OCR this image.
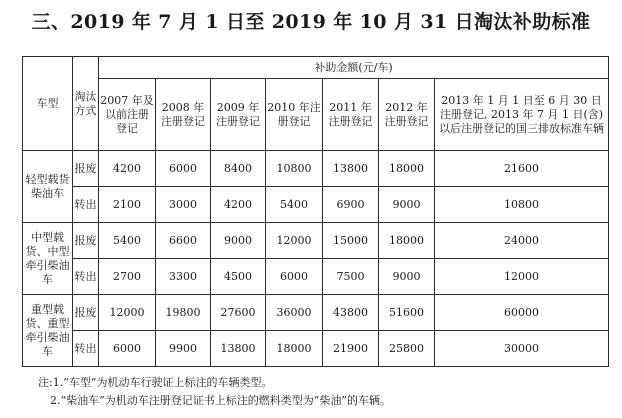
三、2019 年 7 月 1 日至 2019 年 10 月 31 日淘汰补助标准
车型	淘汰方式	补助金额(元/车)						
		2007 年及以前注册登记	2008 年注册登记	2009 年注册登记	2010 年注册登记	2011 年注册登记	2012 年注册登记	2013 年 1 月 1 日至 6 月 30 日注册登记, 2013 年 7 月 1 日(含)以后注册登记的国三排放标准车辆
轻型载货柴油车	报废	4200	6000	8400	10800	13800	18000	21600
	转出	2100	3000	4200	5400	6900	9000	10800
中型载货、中型牵引柴油车	报废	5400	6600	9000	12000	15000	18000	24000
	转出	2700	3300	4500	6000	7500	9000	12000
重型载货、重型牵引柴油车	报废	12000	19800	27600	36000	43800	51600	60000
	转出	6000	9900	13800	18000	21900	25800	30000
注:1.“车型”为机动车行驶证上标注的车辆类型。
2.“柴油车”为机动车注册登记证书上标注的燃料类型为“柴油”的车辆。
